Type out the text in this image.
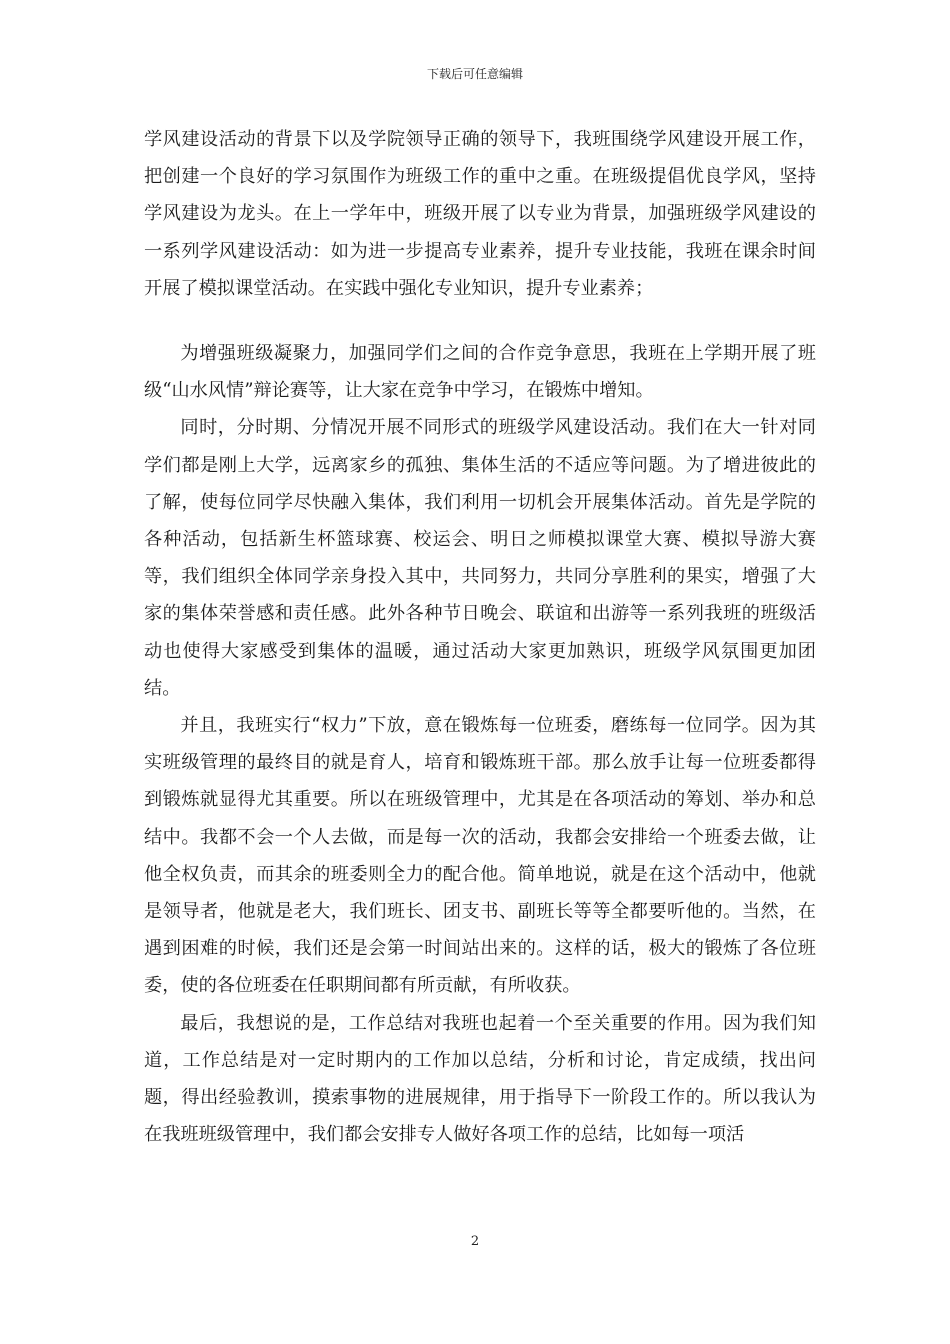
下载后可任意编辑

学风建设活动的背景下以及学院领导正确的领导下，我班围绕学风建设开展工作，把创建一个良好的学习氛围作为班级工作的重中之重。在班级提倡优良学风，坚持学风建设为龙头。在上一学年中，班级开展了以专业为背景，加强班级学风建设的一系列学风建设活动：如为进一步提高专业素养，提升专业技能，我班在课余时间开展了模拟课堂活动。在实践中强化专业知识，提升专业素养；

为增强班级凝聚力，加强同学们之间的合作竞争意思，我班在上学期开展了班级“山水风情”辩论赛等，让大家在竞争中学习，在锻炼中增知。

同时，分时期、分情况开展不同形式的班级学风建设活动。我们在大一针对同学们都是刚上大学，远离家乡的孤独、集体生活的不适应等问题。为了增进彼此的了解，使每位同学尽快融入集体，我们利用一切机会开展集体活动。首先是学院的各种活动，包括新生杯篮球赛、校运会、明日之师模拟课堂大赛、模拟导游大赛等，我们组织全体同学亲身投入其中，共同努力，共同分享胜利的果实，增强了大家的集体荣誉感和责任感。此外各种节日晚会、联谊和出游等一系列我班的班级活动也使得大家感受到集体的温暖，通过活动大家更加熟识，班级学风氛围更加团结。

并且，我班实行“权力”下放，意在锻炼每一位班委，磨练每一位同学。因为其实班级管理的最终目的就是育人，培育和锻炼班干部。那么放手让每一位班委都得到锻炼就显得尤其重要。所以在班级管理中，尤其是在各项活动的筹划、举办和总结中。我都不会一个人去做，而是每一次的活动，我都会安排给一个班委去做，让他全权负责，而其余的班委则全力的配合他。简单地说，就是在这个活动中，他就是领导者，他就是老大，我们班长、团支书、副班长等等全都要听他的。当然，在遇到困难的时候，我们还是会第一时间站出来的。这样的话，极大的锻炼了各位班委，使的各位班委在任职期间都有所贡献，有所收获。

最后，我想说的是，工作总结对我班也起着一个至关重要的作用。因为我们知道，工作总结是对一定时期内的工作加以总结，分析和讨论，肯定成绩，找出问题，得出经验教训，摸索事物的进展规律，用于指导下一阶段工作的。所以我认为在我班班级管理中，我们都会安排专人做好各项工作的总结，比如每一项活

2
